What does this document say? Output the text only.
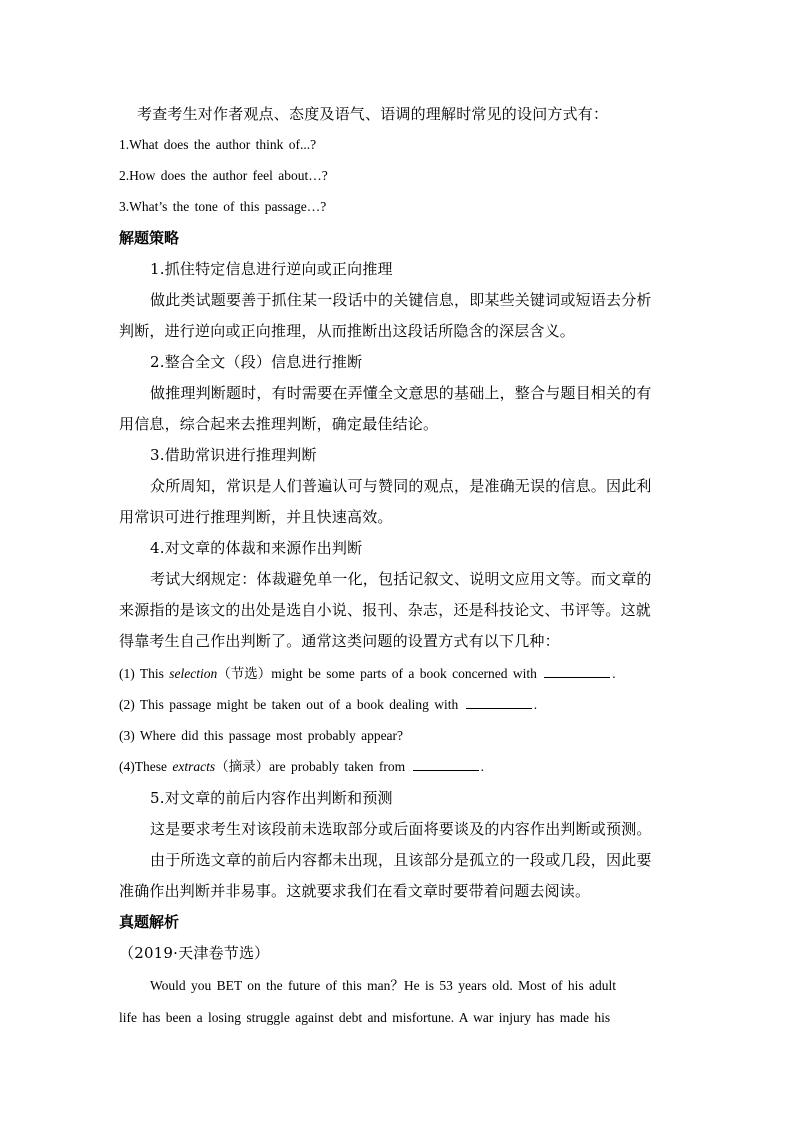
考查考生对作者观点、态度及语气、语调的理解时常见的设问方式有：
1.What does the author think of...?
2.How does the author feel about…?
3.What’s the tone of this passage…?
解题策略
1.抓住特定信息进行逆向或正向推理
做此类试题要善于抓住某一段话中的关键信息，即某些关键词或短语去分析
判断，进行逆向或正向推理，从而推断出这段话所隐含的深层含义。
2.整合全文（段）信息进行推断
做推理判断题时，有时需要在弄懂全文意思的基础上，整合与题目相关的有
用信息，综合起来去推理判断，确定最佳结论。
3.借助常识进行推理判断
众所周知，常识是人们普遍认可与赞同的观点，是准确无误的信息。因此利
用常识可进行推理判断，并且快速高效。
4.对文章的体裁和来源作出判断
考试大纲规定：体裁避免单一化，包括记叙文、说明文应用文等。而文章的
来源指的是该文的出处是选自小说、报刊、杂志，还是科技论文、书评等。这就
得靠考生自己作出判断了。通常这类问题的设置方式有以下几种：
(1) This selection（节选）might be some parts of a book concerned with	.
(2) This passage might be taken out of a book dealing with	.
(3) Where did this passage most probably appear?
(4)These extracts（摘录）are probably taken from	.
5.对文章的前后内容作出判断和预测
这是要求考生对该段前未选取部分或后面将要谈及的内容作出判断或预测。
由于所选文章的前后内容都未出现，且该部分是孤立的一段或几段，因此要
准确作出判断并非易事。这就要求我们在看文章时要带着问题去阅读。
真题解析
（2019·天津卷节选）
Would you BET on the future of this man？He is 53 years old. Most of his adult
life has been a losing struggle against debt and misfortune. A war injury has made his
